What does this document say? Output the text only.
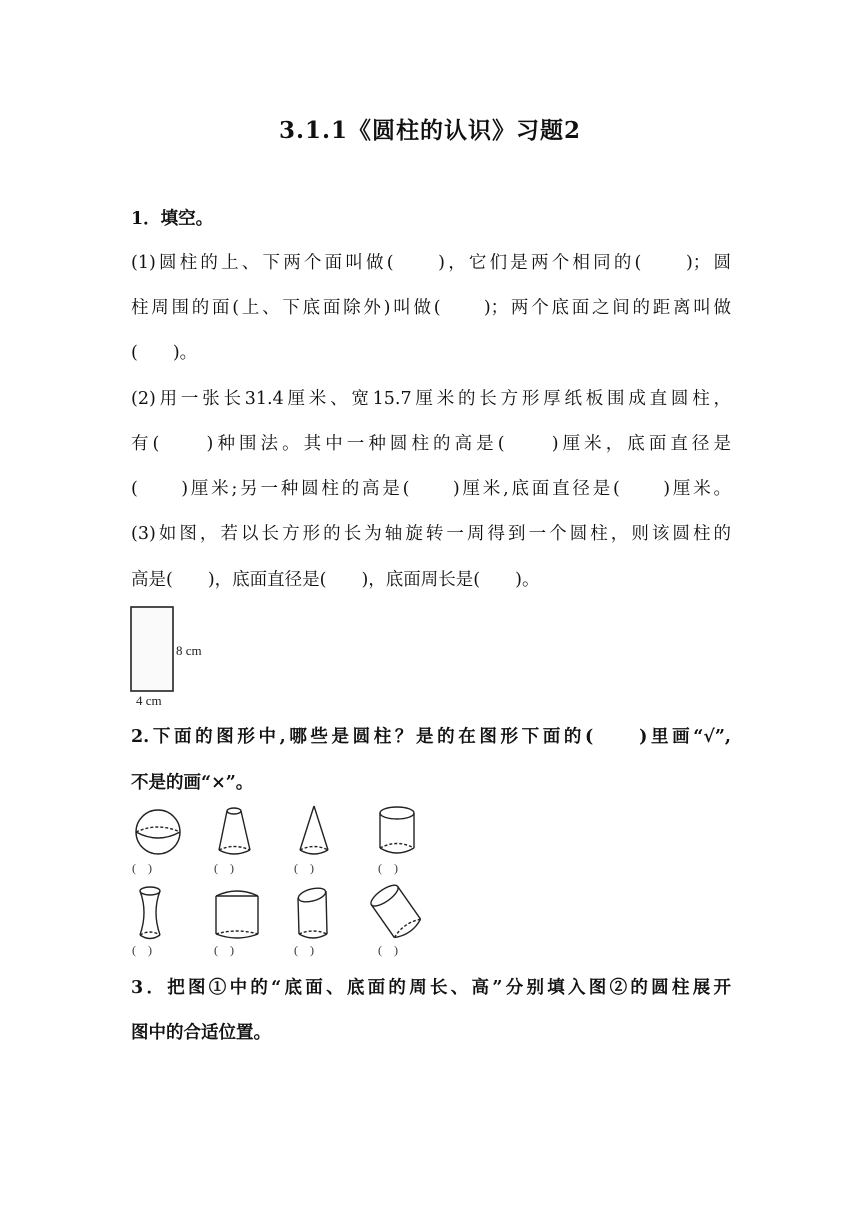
3.1.1《圆柱的认识》习题2
1．填空。
(1)圆柱的上、下两个面叫做(　　)，它们是两个相同的(　　)；圆
柱周围的面(上、下底面除外)叫做(　　)；两个底面之间的距离叫做
(　　)。
(2)用一张长31.4厘米、宽15.7厘米的长方形厚纸板围成直圆柱，
有(　　)种围法。其中一种圆柱的高是(　　)厘米，底面直径是
(　　)厘米;另一种圆柱的高是(　　)厘米,底面直径是(　　)厘米。
(3)如图，若以长方形的长为轴旋转一周得到一个圆柱，则该圆柱的
高是(　　)，底面直径是(　　)，底面周长是(　　)。
8 cm
4 cm
2.下面的图形中,哪些是圆柱？是的在图形下面的(　　)里画“√”,
不是的画“×”。
(　)	(　)	(　)	(　)
(　)	(　)	(　)	(　)
3．把图①中的“底面、底面的周长、高”分别填入图②的圆柱展开
图中的合适位置。
